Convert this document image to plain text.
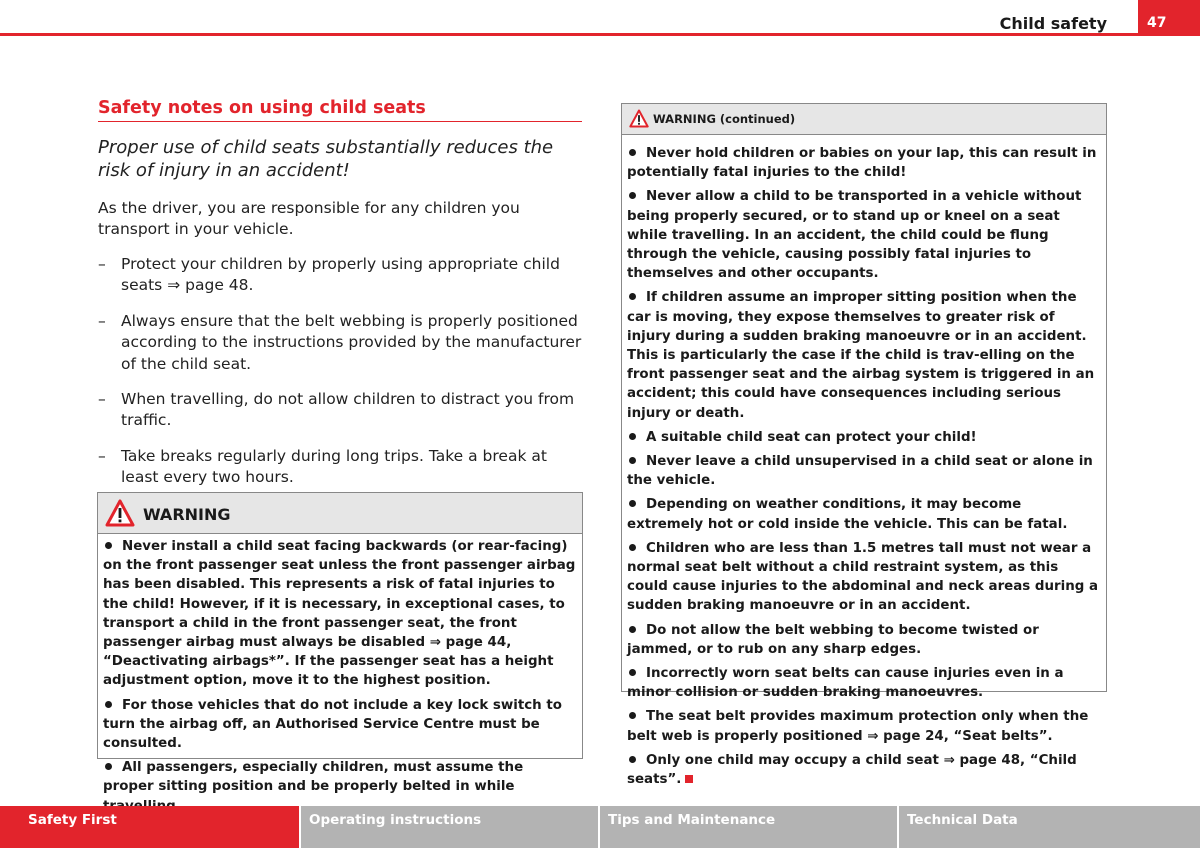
Child safety	47
Safety notes on using child seats

Proper use of child seats substantially reduces the risk of injury in an accident!

As the driver, you are responsible for any children you transport in your vehicle.

– Protect your children by properly using appropriate child seats ⇒ page 48.
– Always ensure that the belt webbing is properly positioned according to the instructions provided by the manufacturer of the child seat.
– When travelling, do not allow children to distract you from traffic.
– Take breaks regularly during long trips. Take a break at least every two hours.
WARNING

Never install a child seat facing backwards (or rear-facing) on the front passenger seat unless the front passenger airbag has been disabled. This represents a risk of fatal injuries to the child! However, if it is necessary, in exceptional cases, to transport a child in the front passenger seat, the front passenger airbag must always be disabled ⇒ page 44, “Deactivating airbags*”. If the passenger seat has a height adjustment option, move it to the highest position.

For those vehicles that do not include a key lock switch to turn the airbag off, an Authorised Service Centre must be consulted.

All passengers, especially children, must assume the proper sitting position and be properly belted in while

WARNING (continued)

Never hold children or babies on your lap, this can result in potentially fatal injuries to the child!

Never allow a child to be transported in a vehicle without being properly secured, or to stand up or kneel on a seat while travelling. In an accident, the child could be flung through the vehicle, causing possibly fatal injuries to themselves and other occupants.

If children assume an improper sitting position when the car is moving, they expose themselves to greater risk of injury during a sudden braking manoeuvre or in an accident. This is particularly the case if the child is trav-elling on the front passenger seat and the airbag system is triggered in an accident; this could have consequences including serious injury or death.

A suitable child seat can protect your child!

Never leave a child unsupervised in a child seat or alone in the vehicle.

Depending on weather conditions, it may become extremely hot or cold inside the vehicle. This can be fatal.

Children who are less than 1.5 metres tall must not wear a normal seat belt without a child restraint system, as this could cause injuries to the abdominal and neck areas during a sudden braking manoeuvre or in an accident.

Do not allow the belt webbing to become twisted or jammed, or to rub on any sharp edges.

Incorrectly worn seat belts can cause injuries even in a minor collision or sudden braking manoeuvres.

The seat belt provides maximum protection only when the belt web is properly positioned ⇒ page 24, “Seat belts”.

Only one child may occupy a child seat ⇒ page 48, “Child seats”.

Safety First	Operating instructions	Tips and Maintenance	Technical Data
